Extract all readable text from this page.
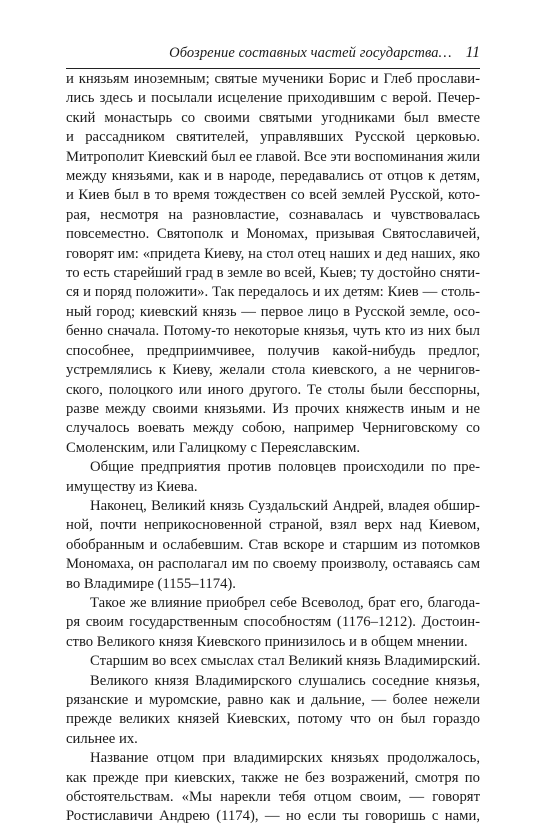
Обозрение составных частей государства… 11
и князьям иноземным; святые мученики Борис и Глеб прослави-
лись здесь и посылали исцеление приходившим с верой. Печер-
ский монастырь со своими святыми угодниками был вместе
и рассадником святителей, управлявших Русской церковью.
Митрополит Киевский был ее главой. Все эти воспоминания жили
между князьями, как и в народе, передавались от отцов к детям,
и Киев был в то время тождествен со всей землей Русской, кото-
рая, несмотря на разновластие, сознавалась и чувствовалась
повсеместно. Святополк и Мономах, призывая Святославичей,
говорят им: «придета Киеву, на стол отец наших и дед наших, яко
то есть старейший град в земле во всей, Кыев; ту достойно сняти-
ся и поряд положити». Так передалось и их детям: Киев — столь-
ный город; киевский князь — первое лицо в Русской земле, осо-
бенно сначала. Потому-то некоторые князья, чуть кто из них был
способнее, предприимчивее, получив какой-нибудь предлог,
устремлялись к Киеву, желали стола киевского, а не чернигов-
ского, полоцкого или иного другого. Те столы были бесспорны,
разве между своими князьями. Из прочих княжеств иным и не
случалось воевать между собою, например Черниговскому со
Смоленским, или Галицкому с Переяславским.
Общие предприятия против половцев происходили по пре-
имуществу из Киева.
Наконец, Великий князь Суздальский Андрей, владея обшир-
ной, почти неприкосновенной страной, взял верх над Киевом,
обобранным и ослабевшим. Став вскоре и старшим из потомков
Мономаха, он располагал им по своему произволу, оставаясь сам
во Владимире (1155–1174).
Такое же влияние приобрел себе Всеволод, брат его, благода-
ря своим государственным способностям (1176–1212). Достоин-
ство Великого князя Киевского принизилось и в общем мнении.
Старшим во всех смыслах стал Великий князь Владимирский.
Великого князя Владимирского слушались соседние князья,
рязанские и муромские, равно как и дальние, — более нежели
прежде великих князей Киевских, потому что он был гораздо
сильнее их.
Название отцом при владимирских князьях продолжалось,
как прежде при киевских, также не без возражений, смотря по
обстоятельствам. «Мы нарекли тебя отцом своим, — говорят
Ростиславичи Андрею (1174), — но если ты говоришь с нами,
